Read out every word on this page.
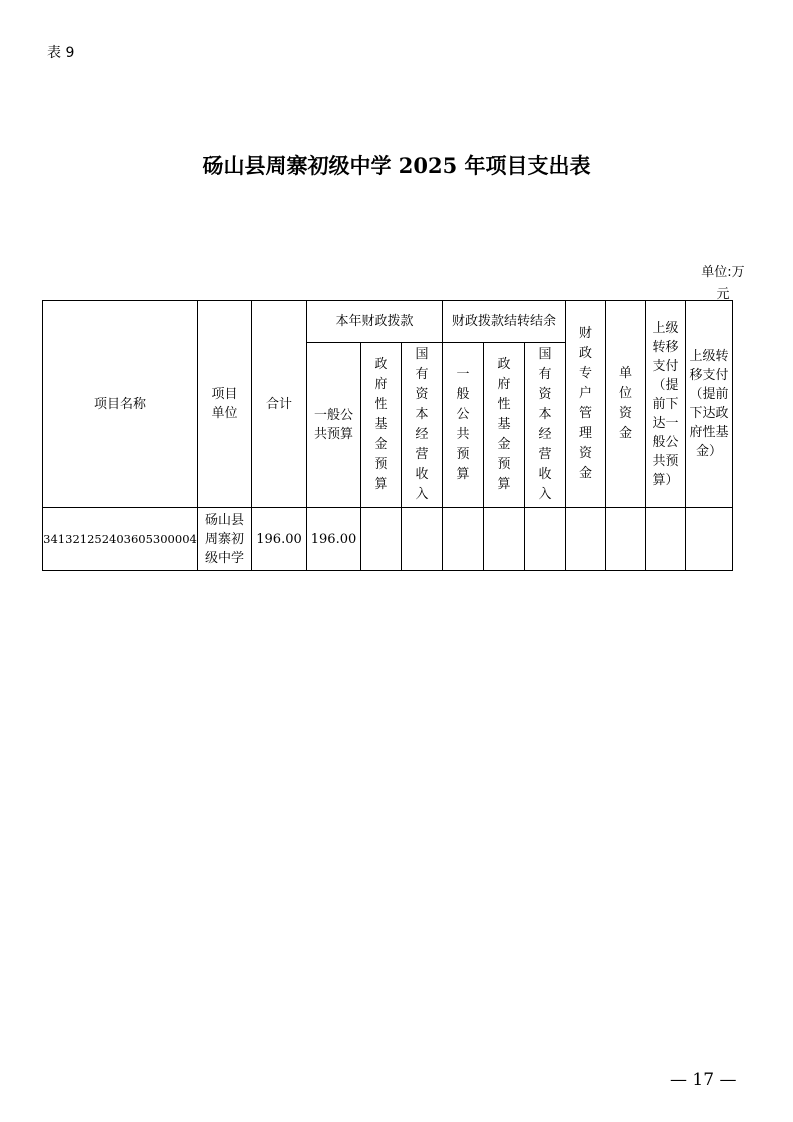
表 9
砀山县周寨初级中学 2025 年项目支出表
单位:万元
项目名称	项目单位	合计	本年财政拨款			财政拨款结转结余			财政专户管理资金	单位资金	上级转移支付（提前下达一般公共预算）	上级转移支付（提前下达政府性基金）
			一般公共预算	政府性基金预算	国有资本经营收入	一般公共预算	政府性基金预算	国有资本经营收入				
341321252403605300004	砀山县周寨初级中学	196.00	196.00									
— 17 —
